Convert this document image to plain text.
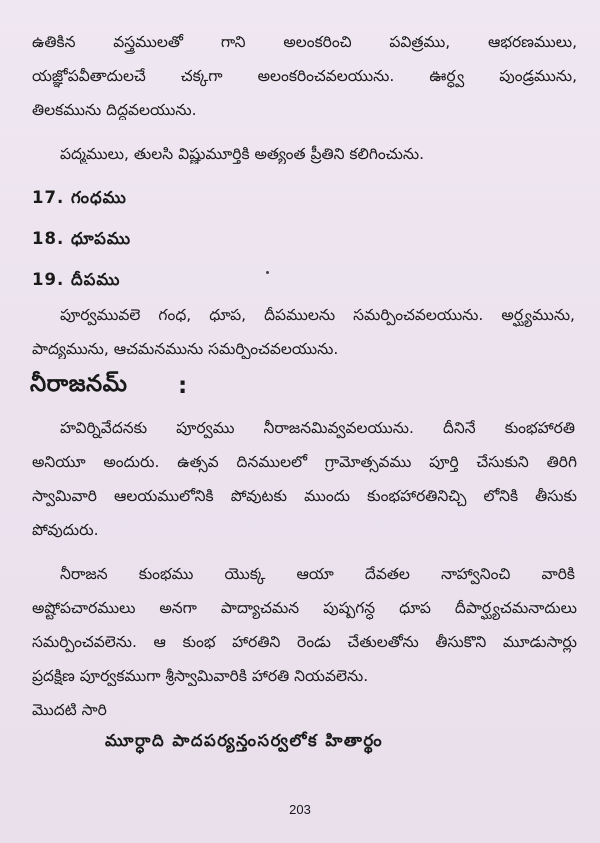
ఉతికిన వస్త్రములతో గాని అలంకరించి పవిత్రము, ఆభరణములు,
యజ్ఞోపవీతాదులచే చక్కగా అలంకరించవలయును. ఊర్ధ్వ పుండ్రమును,
తిలకమును దిద్దవలయును.
పద్మములు, తులసి విష్ణుమూర్తికి అత్యంత ప్రీతిని కలిగించును.
17. గంధము
18. ధూపము
19. దీపము
పూర్వమువలె గంధ, ధూప, దీపములను సమర్పించవలయును. అర్ఘ్యమును,
పాద్యమును, ఆచమనమును సమర్పించవలయును.
నీరాజనమ్ :
హవిర్నివేదనకు పూర్వము నీరాజనమివ్వవలయును. దీనినే కుంభహారతి
అనియూ అందురు. ఉత్సవ దినములలో గ్రామోత్సవము పూర్తి చేసుకుని తిరిగి
స్వామివారి ఆలయములోనికి పోవుటకు ముందు కుంభహారతినిచ్చి లోనికి తీసుకు
పోవుదురు.
నీరాజన కుంభము యొక్క ఆయా దేవతల నాహ్వానించి వారికి
అష్టోపచారములు అనగా పాద్యాచమన పుష్పగన్ధ ధూప దీపార్ఘ్యచమనాదులు
సమర్పించవలెను. ఆ కుంభ హారతిని రెండు చేతులతోను తీసుకొని మూడుసార్లు
ప్రదక్షిణ పూర్వకముగా శ్రీస్వామివారికి హారతి నియవలెను.
మొదటి సారి
మూర్ధాది పాదపర్యన్తంసర్వలోక హితార్థం
203
